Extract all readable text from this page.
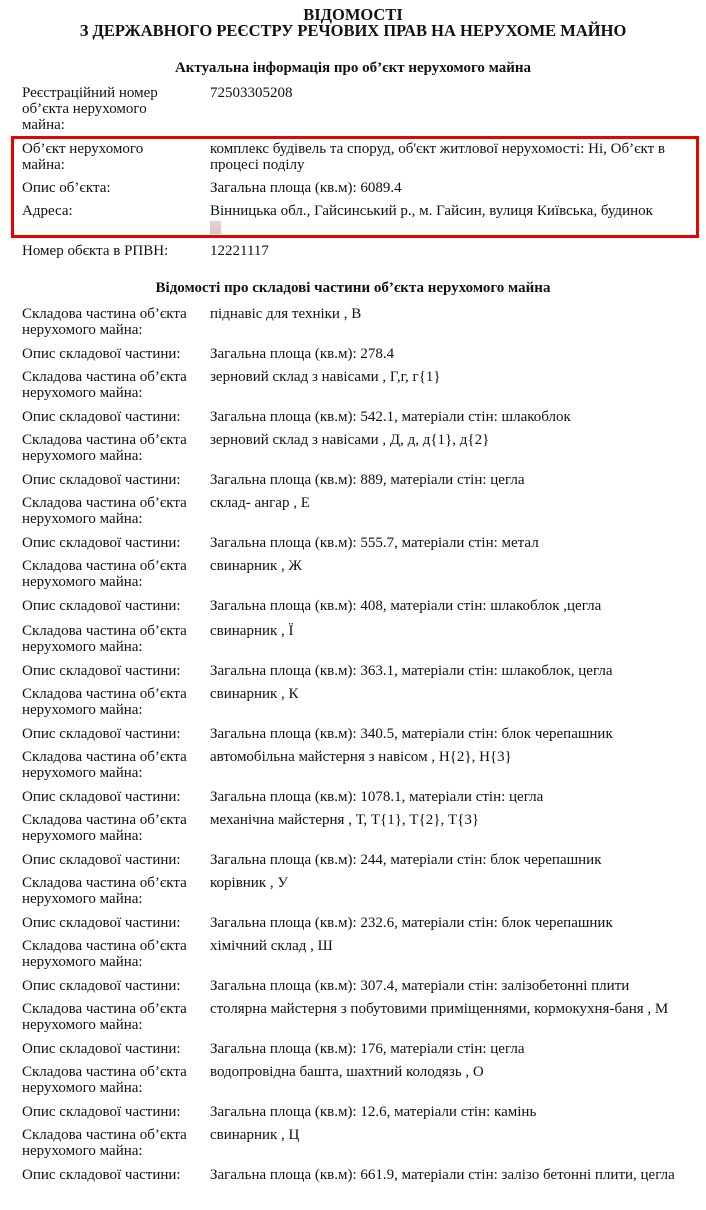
ВІДОМОСТІ
З ДЕРЖАВНОГО РЕЄСТРУ РЕЧОВИХ ПРАВ НА НЕРУХОМЕ МАЙНО
Актуальна інформація про об’єкт нерухомого майна
Реєстраційний номер об’єкта нерухомого майна:
72503305208
Об’єкт нерухомого майна:
комплекс будівель та споруд, об'єкт житлової нерухомості: Ні, Об’єкт в процесі поділу
Опис об’єкта:	Загальна площа (кв.м): 6089.4
Адреса:	Вінницька обл., Гайсинський р., м. Гайсин, вулиця Київська, будинок

Номер обєкта в РПВН:	12221117
Відомості про складові частини об’єкта нерухомого майна
Складова частина об’єкта нерухомого майна:
піднавіс для техніки , В
Опис складової частини:	Загальна площа (кв.м): 278.4
Складова частина об’єкта нерухомого майна:
зерновий склад з навісами , Г,г, г{1}
Опис складової частини:	Загальна площа (кв.м): 542.1, матеріали стін: шлакоблок
Складова частина об’єкта нерухомого майна:
зерновий склад з навісами , Д, д, д{1}, д{2}
Опис складової частини:	Загальна площа (кв.м): 889, матеріали стін: цегла
Складова частина об’єкта нерухомого майна:
склад- ангар , Е
Опис складової частини:	Загальна площа (кв.м): 555.7, матеріали стін: метал
Складова частина об’єкта нерухомого майна:
свинарник , Ж
Опис складової частини:	Загальна площа (кв.м): 408, матеріали стін: шлакоблок ,цегла
Складова частина об’єкта нерухомого майна:
свинарник , Ї
Опис складової частини:	Загальна площа (кв.м): 363.1, матеріали стін: шлакоблок, цегла
Складова частина об’єкта нерухомого майна:
свинарник , К
Опис складової частини:	Загальна площа (кв.м): 340.5, матеріали стін: блок черепашник
Складова частина об’єкта нерухомого майна:
автомобільна майстерня з навісом , Н{2}, Н{3}
Опис складової частини:	Загальна площа (кв.м): 1078.1, матеріали стін: цегла
Складова частина об’єкта нерухомого майна:
механічна майстерня , Т, Т{1}, Т{2}, Т{3}
Опис складової частини:	Загальна площа (кв.м): 244, матеріали стін: блок черепашник
Складова частина об’єкта нерухомого майна:
корівник , У
Опис складової частини:	Загальна площа (кв.м): 232.6, матеріали стін: блок черепашник
Складова частина об’єкта нерухомого майна:
хімічний склад , Ш
Опис складової частини:	Загальна площа (кв.м): 307.4, матеріали стін: залізобетонні плити
Складова частина об’єкта нерухомого майна:
столярна майстерня з побутовими приміщеннями, кормокухня-баня , М
Опис складової частини:	Загальна площа (кв.м): 176, матеріали стін: цегла
Складова частина об’єкта нерухомого майна:
водопровідна башта, шахтний колодязь , О
Опис складової частини:	Загальна площа (кв.м): 12.6, матеріали стін: камінь
Складова частина об’єкта нерухомого майна:
свинарник , Ц
Опис складової частини:	Загальна площа (кв.м): 661.9, матеріали стін: залізо бетонні плити, цегла
